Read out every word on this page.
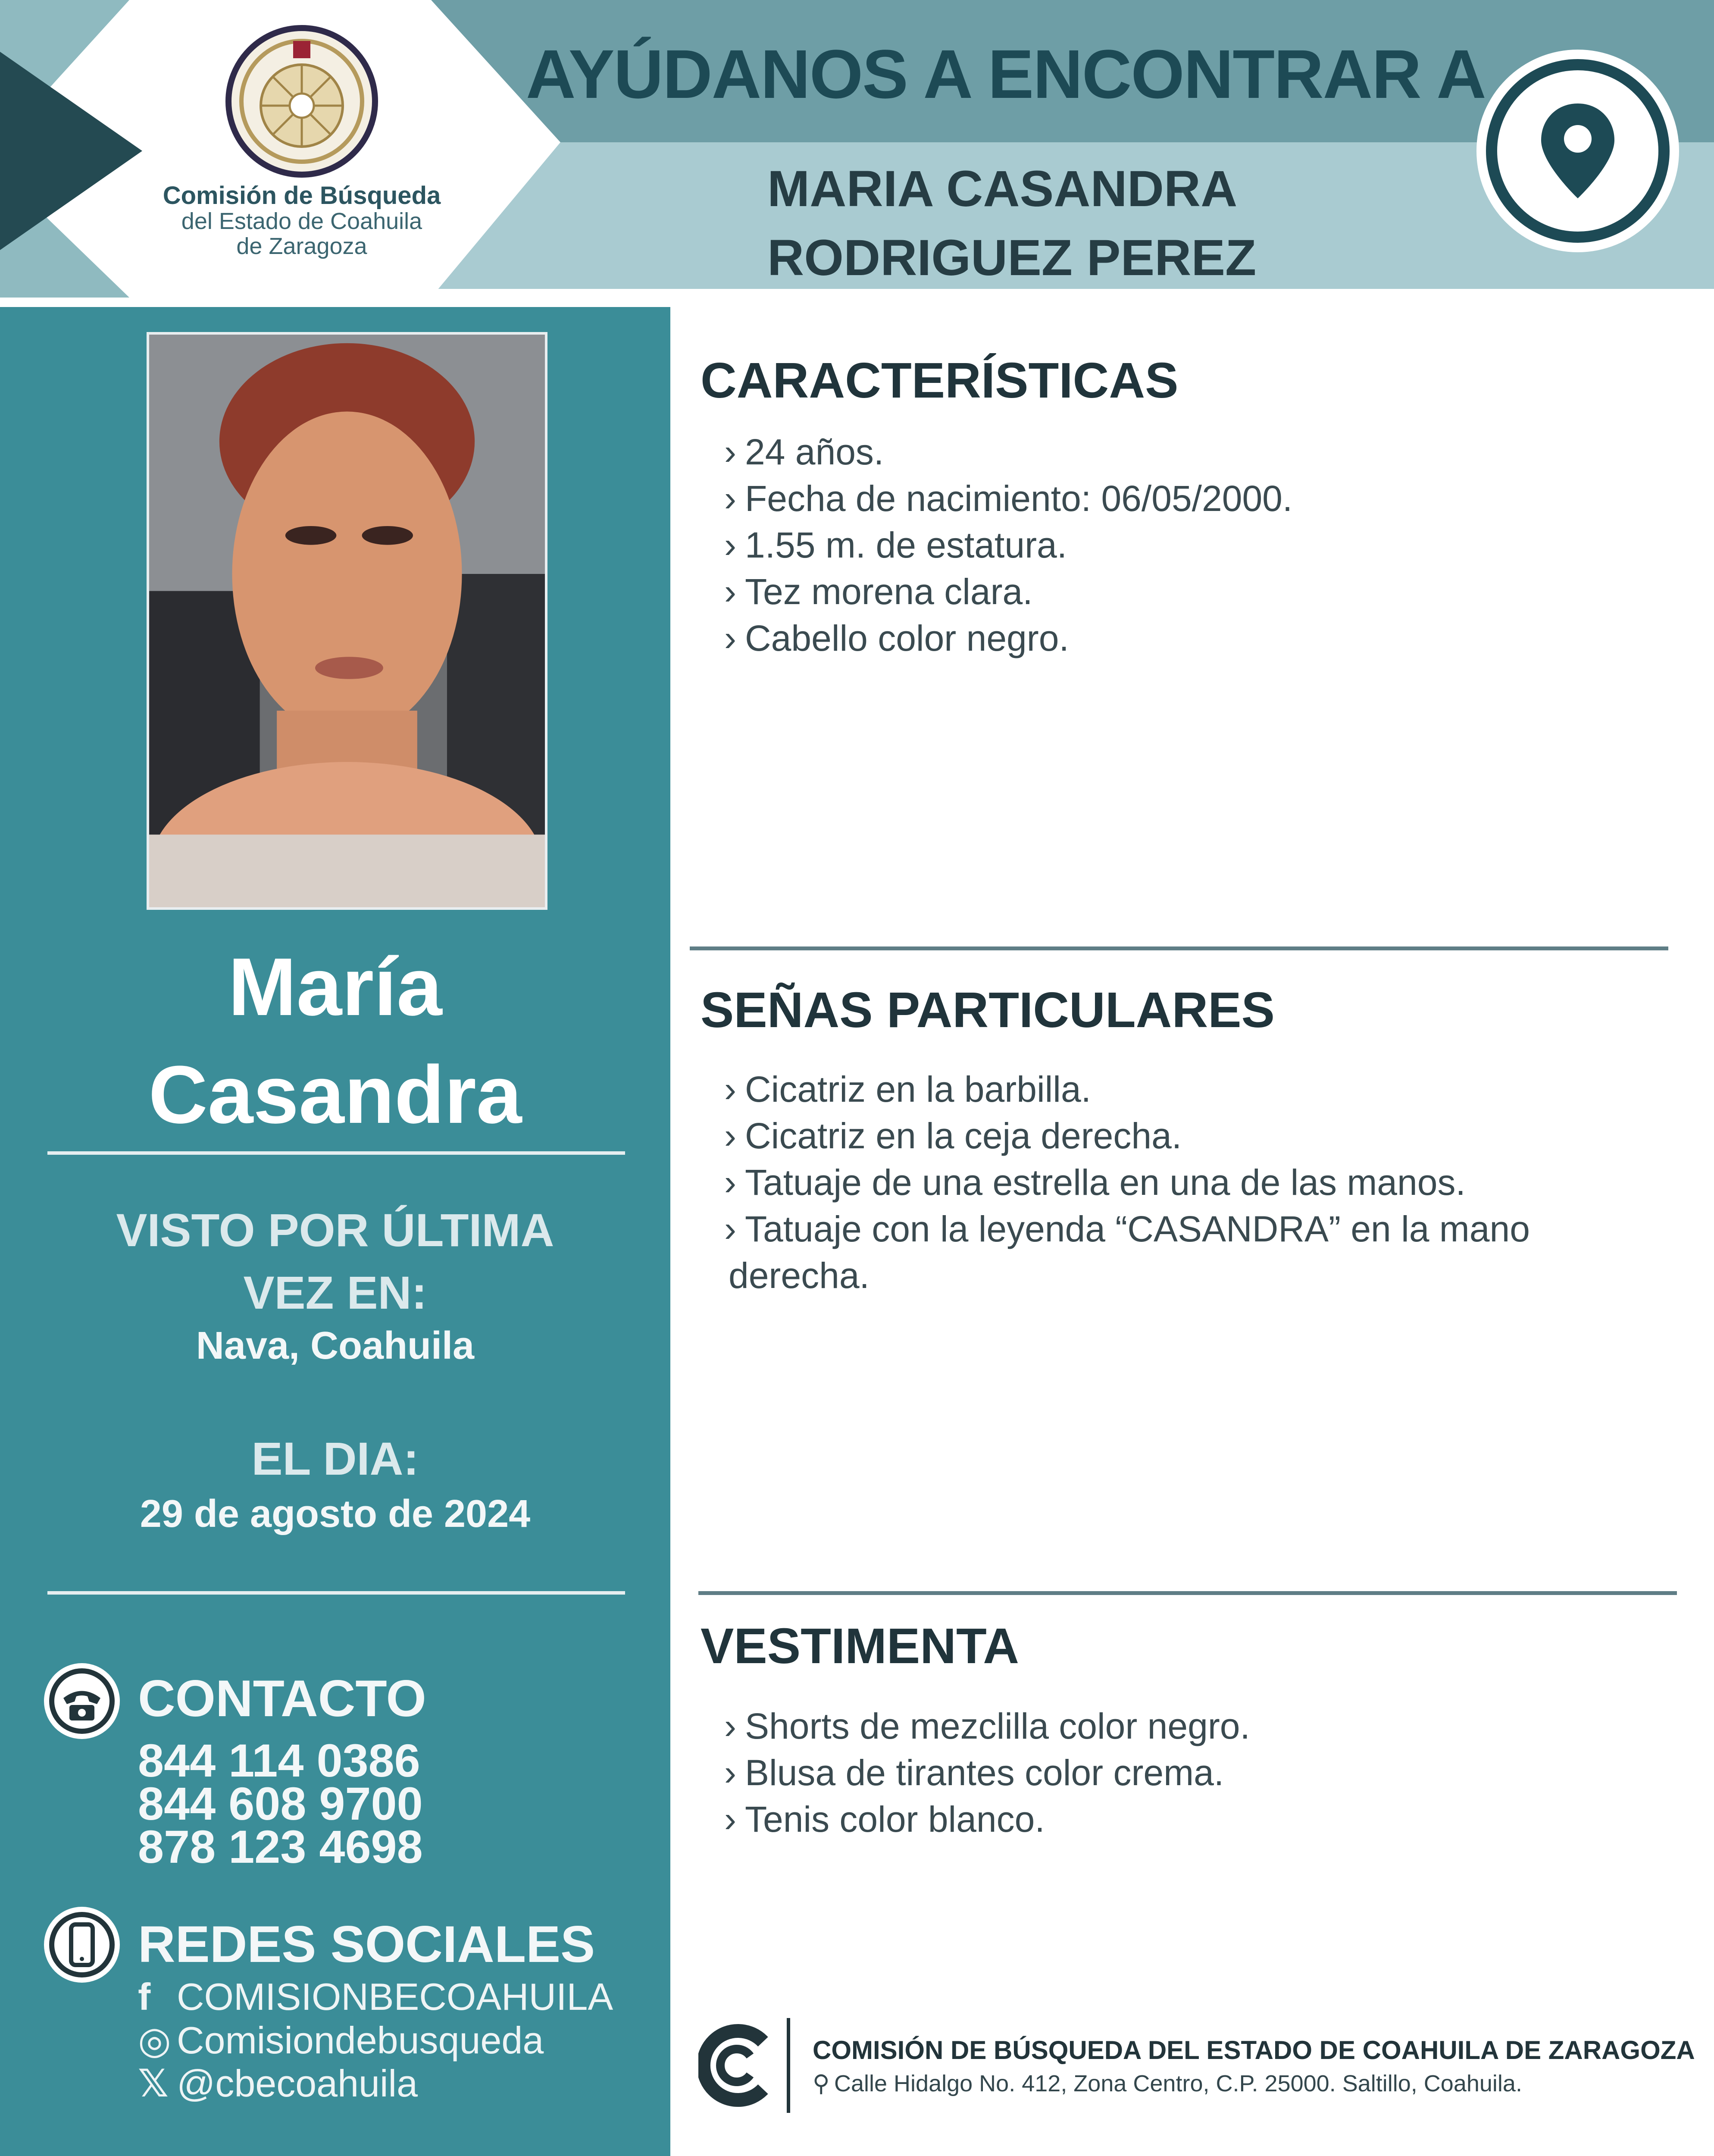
Comisión de Búsqueda
del Estado de Coahuila
de Zaragoza
AYÚDANOS A ENCONTRAR A
MARIA CASANDRA
RODRIGUEZ PEREZ
María
Casandra
VISTO POR ÚLTIMA
VEZ EN:
Nava, Coahuila
EL DIA:
29 de agosto de 2024
CONTACTO
844 114 0386
844 608 9700
878 123 4698
REDES SOCIALES
f COMISIONBECOAHUILA
◎ Comisiondebusqueda
𝕏 @cbecoahuila
CARACTERÍSTICAS
› 24 años.
› Fecha de nacimiento: 06/05/2000.
› 1.55 m. de estatura.
› Tez morena clara.
› Cabello color negro.
SEÑAS PARTICULARES
› Cicatriz en la barbilla.
› Cicatriz en la ceja derecha.
› Tatuaje de una estrella en una de las manos.
› Tatuaje con la leyenda “CASANDRA” en la mano
derecha.
VESTIMENTA
› Shorts de mezclilla color negro.
› Blusa de tirantes color crema.
› Tenis color blanco.
COMISIÓN DE BÚSQUEDA DEL ESTADO DE COAHUILA DE ZARAGOZA
⚲ Calle Hidalgo No. 412, Zona Centro, C.P. 25000. Saltillo, Coahuila.
